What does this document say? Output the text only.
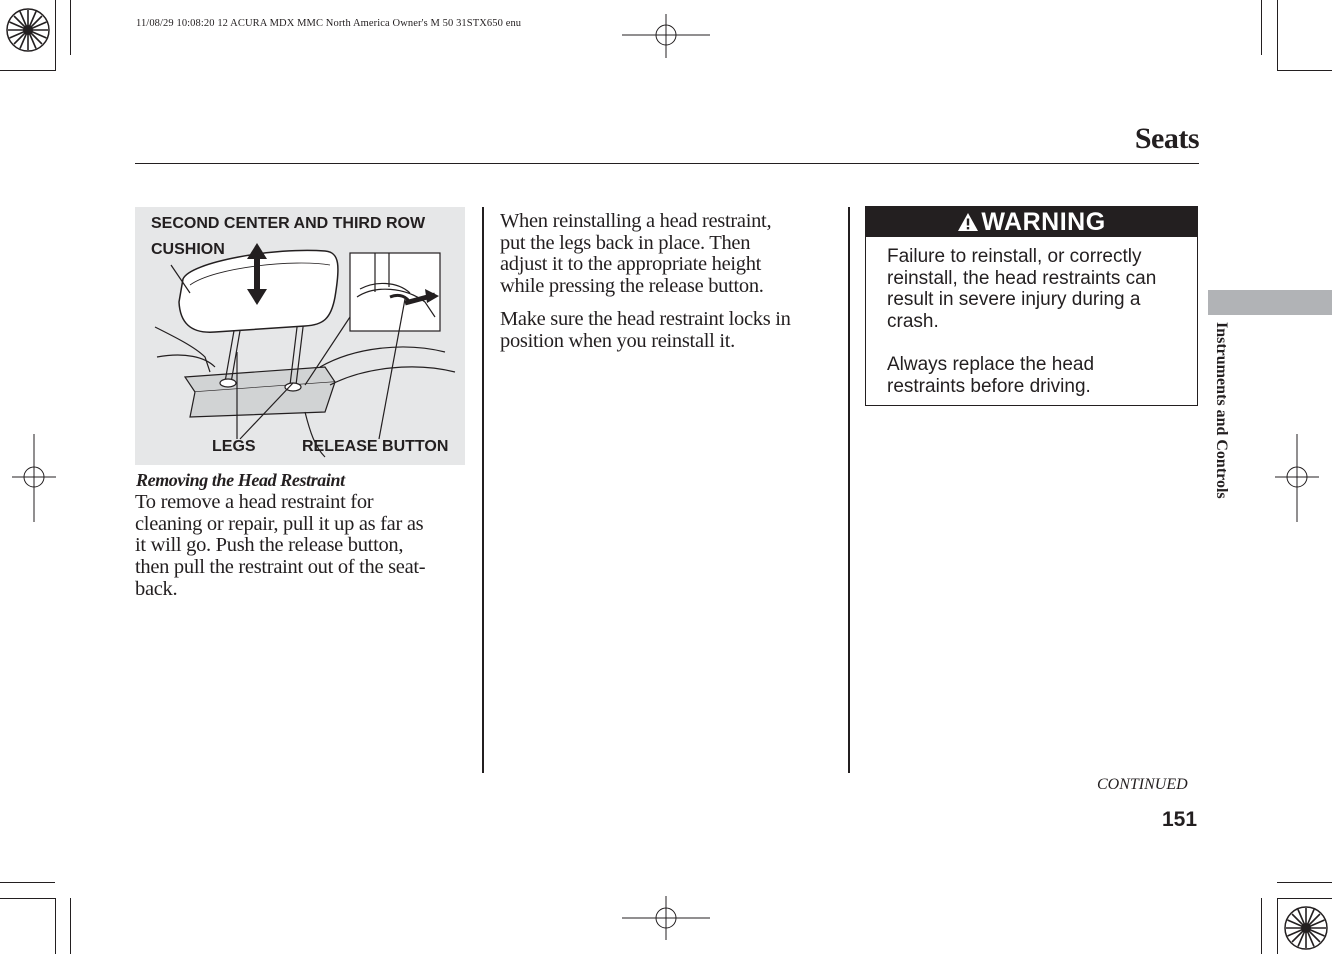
11/08/29 10:08:20 12 ACURA MDX MMC North America Owner's M 50 31STX650 enu
Seats
SECOND CENTER AND THIRD ROW
CUSHION
LEGS	RELEASE BUTTON
Removing the Head Restraint
To remove a head restraint for
cleaning or repair, pull it up as far as
it will go. Push the release button,
then pull the restraint out of the seat-
back.
When reinstalling a head restraint,
put the legs back in place. Then
adjust it to the appropriate height
while pressing the release button.
Make sure the head restraint locks in
position when you reinstall it.
WARNING
Failure to reinstall, or correctly
reinstall, the head restraints can
result in severe injury during a
crash.
Always replace the head
restraints before driving.	Instruments and Controls
CONTINUED
151
